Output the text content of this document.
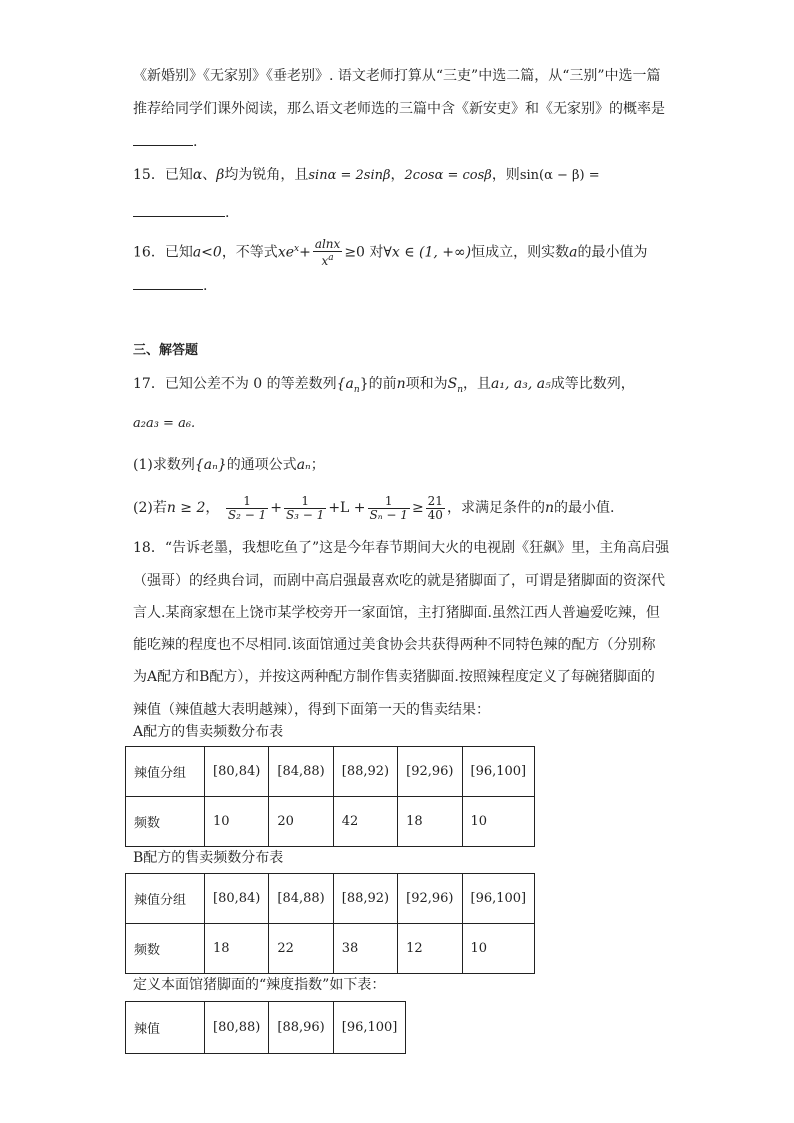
《新婚别》《无家别》《垂老别》. 语文老师打算从“三吏”中选二篇，从“三别”中选一篇
推荐给同学们课外阅读，那么语文老师选的三篇中含《新安吏》和《无家别》的概率是
.
15．已知α、β均为锐角，且sinα = 2sinβ，2cosα = cosβ，则sin(α − β) =
.
16．已知a<0，不等式$xe^x+ \frac{alnx}{x^a} \ge 0$ 对∀x ∈ (1, +∞)恒成立，则实数a的最小值为
.
三、解答题
17．已知公差不为 0 的等差数列$\{a_n\}$的前n项和为$S_n$，且a₁, a₃, a₅成等比数列，
a₂a₃ = a₆.
(1)求数列{aₙ}的通项公式aₙ；
(2)若n ≥ 2， $\frac{1}{\text{S₂ − 1}} + \frac{1}{\text{S₃ − 1}} +L + \frac{1}{\text{Sₙ − 1}} \ge \frac{21}{40}$ ，求满足条件的n的最小值.
18．“告诉老墨，我想吃鱼了”这是今年春节期间大火的电视剧《狂飙》里，主角高启强
（强哥）的经典台词，而剧中高启强最喜欢吃的就是猪脚面了，可谓是猪脚面的资深代
言人.某商家想在上饶市某学校旁开一家面馆，主打猪脚面.虽然江西人普遍爱吃辣，但
能吃辣的程度也不尽相同.该面馆通过美食协会共获得两种不同特色辣的配方（分别称
为A配方和B配方），并按这两种配方制作售卖猪脚面.按照辣程度定义了每碗猪脚面的
辣值（辣值越大表明越辣），得到下面第一天的售卖结果：
A配方的售卖频数分布表
辣值分组	[80,84)	[84,88)	[88,92)	[92,96)	[96,100]
频数	10	20	42	18	10
B配方的售卖频数分布表
辣值分组	[80,84)	[84,88)	[88,92)	[92,96)	[96,100]
频数	18	22	38	12	10
定义本面馆猪脚面的“辣度指数”如下表：
辣值	[80,88)	[88,96)	[96,100]
